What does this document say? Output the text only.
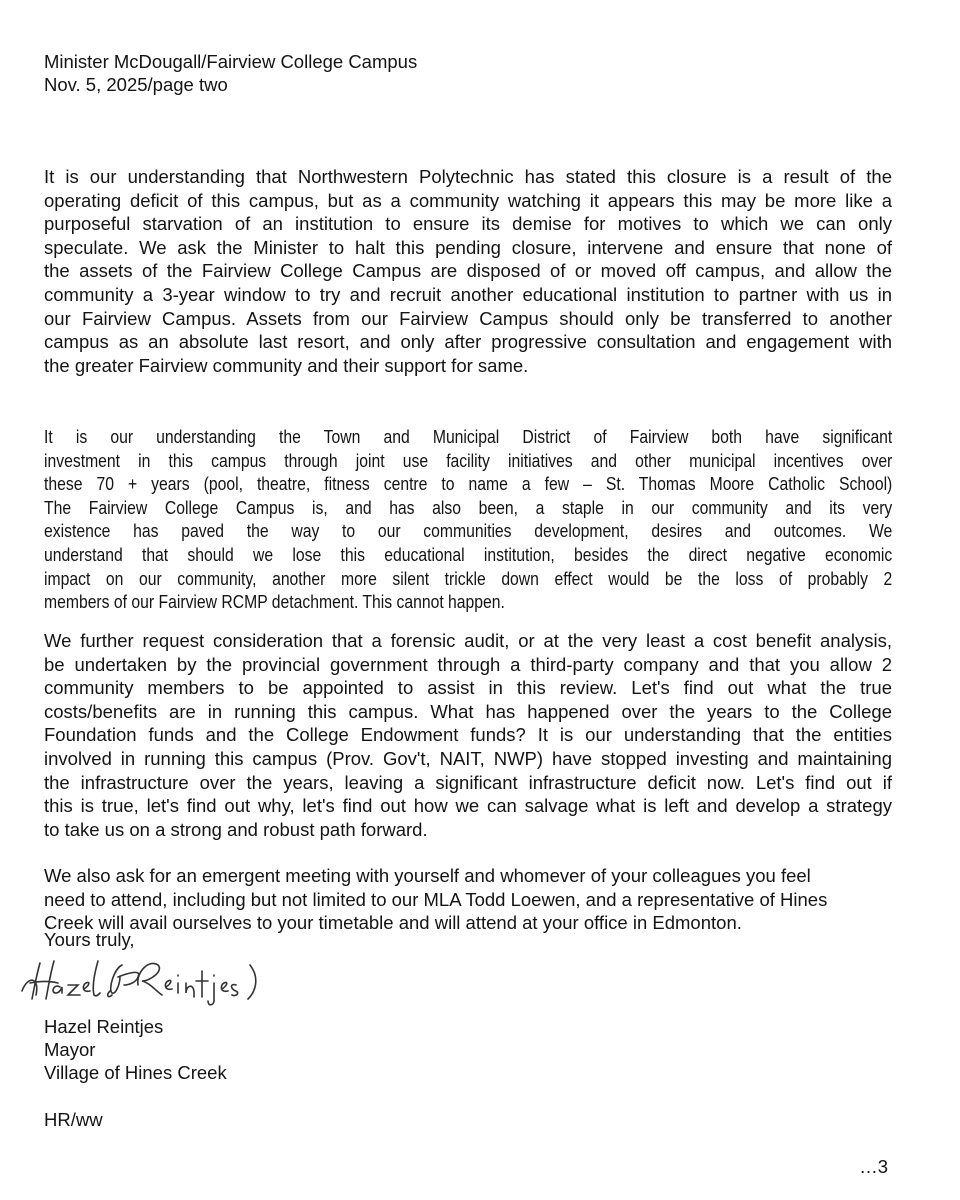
Minister McDougall/Fairview College Campus
Nov. 5, 2025/page two
It is our understanding that Northwestern Polytechnic has stated this closure is a result of the
operating deficit of this campus, but as a community watching it appears this may be more like a
purposeful starvation of an institution to ensure its demise for motives to which we can only
speculate. We ask the Minister to halt this pending closure, intervene and ensure that none of
the assets of the Fairview College Campus are disposed of or moved off campus, and allow the
community a 3-year window to try and recruit another educational institution to partner with us in
our Fairview Campus. Assets from our Fairview Campus should only be transferred to another
campus as an absolute last resort, and only after progressive consultation and engagement with
the greater Fairview community and their support for same.
It is our understanding the Town and Municipal District of Fairview both have significant
investment in this campus through joint use facility initiatives and other municipal incentives over
these 70 + years (pool, theatre, fitness centre to name a few – St. Thomas Moore Catholic School)
The Fairview College Campus is, and has also been, a staple in our community and its very
existence has paved the way to our communities development, desires and outcomes. We
understand that should we lose this educational institution, besides the direct negative economic
impact on our community, another more silent trickle down effect would be the loss of probably 2
members of our Fairview RCMP detachment. This cannot happen.
We further request consideration that a forensic audit, or at the very least a cost benefit analysis,
be undertaken by the provincial government through a third-party company and that you allow 2
community members to be appointed to assist in this review. Let's find out what the true
costs/benefits are in running this campus. What has happened over the years to the College
Foundation funds and the College Endowment funds? It is our understanding that the entities
involved in running this campus (Prov. Gov't, NAIT, NWP) have stopped investing and maintaining
the infrastructure over the years, leaving a significant infrastructure deficit now. Let's find out if
this is true, let's find out why, let's find out how we can salvage what is left and develop a strategy
to take us on a strong and robust path forward.
We also ask for an emergent meeting with yourself and whomever of your colleagues you feel
need to attend, including but not limited to our MLA Todd Loewen, and a representative of Hines
Creek will avail ourselves to your timetable and will attend at your office in Edmonton.
Yours truly,
Hazel Reintjes
Mayor
Village of Hines Creek
HR/ww
…3
